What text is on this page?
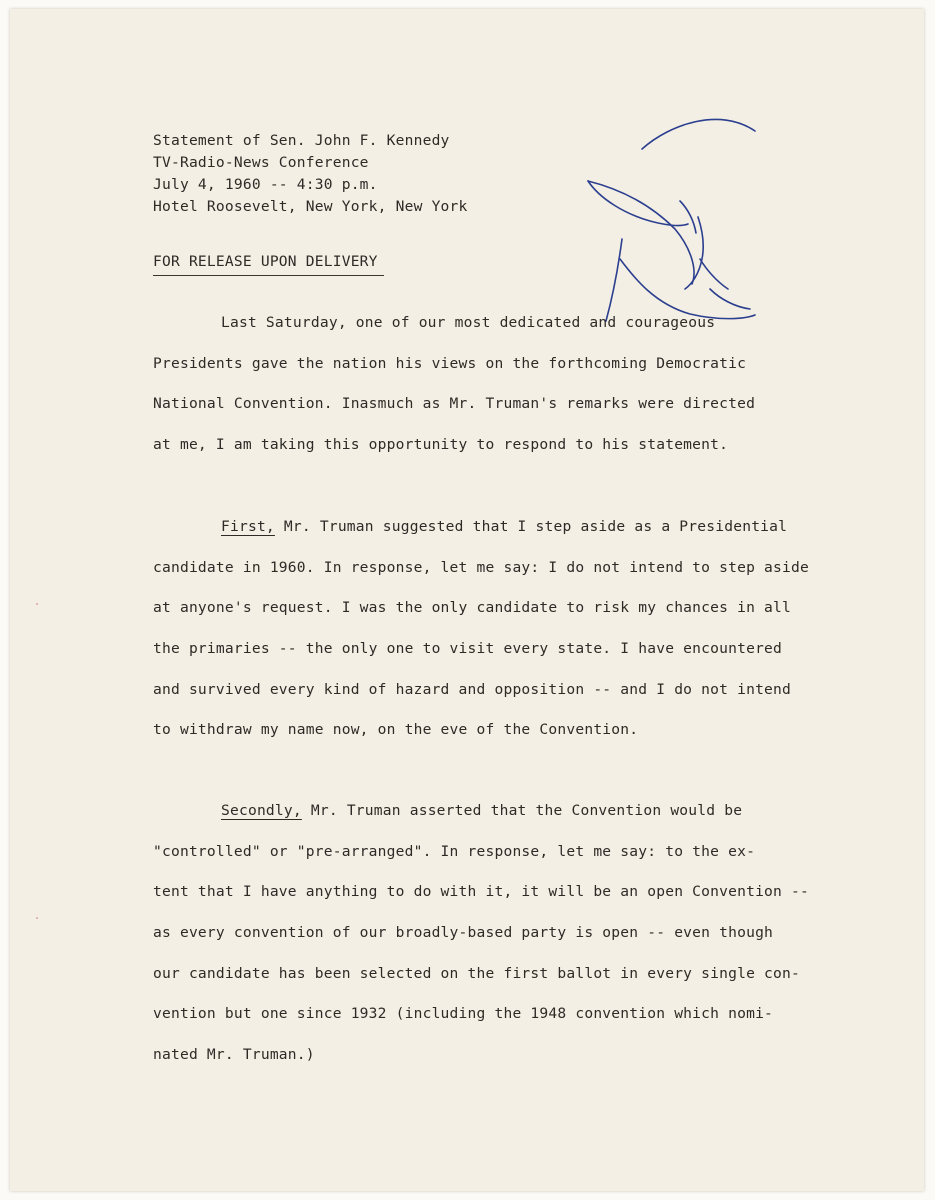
Statement of Sen. John F. Kennedy
TV-Radio-News Conference
July 4, 1960 -- 4:30 p.m.
Hotel Roosevelt, New York, New York
FOR RELEASE UPON DELIVERY
Last Saturday, one of our most dedicated and courageous
Presidents gave the nation his views on the forthcoming Democratic
National Convention. Inasmuch as Mr. Truman's remarks were directed
at me, I am taking this opportunity to respond to his statement.
First, Mr. Truman suggested that I step aside as a Presidential
candidate in 1960. In response, let me say: I do not intend to step aside
at anyone's request. I was the only candidate to risk my chances in all
the primaries -- the only one to visit every state. I have encountered
and survived every kind of hazard and opposition -- and I do not intend
to withdraw my name now, on the eve of the Convention.
Secondly, Mr. Truman asserted that the Convention would be
"controlled" or "pre-arranged". In response, let me say: to the ex-
tent that I have anything to do with it, it will be an open Convention --
as every convention of our broadly-based party is open -- even though
our candidate has been selected on the first ballot in every single con-
vention but one since 1932 (including the 1948 convention which nomi-
nated Mr. Truman.)
